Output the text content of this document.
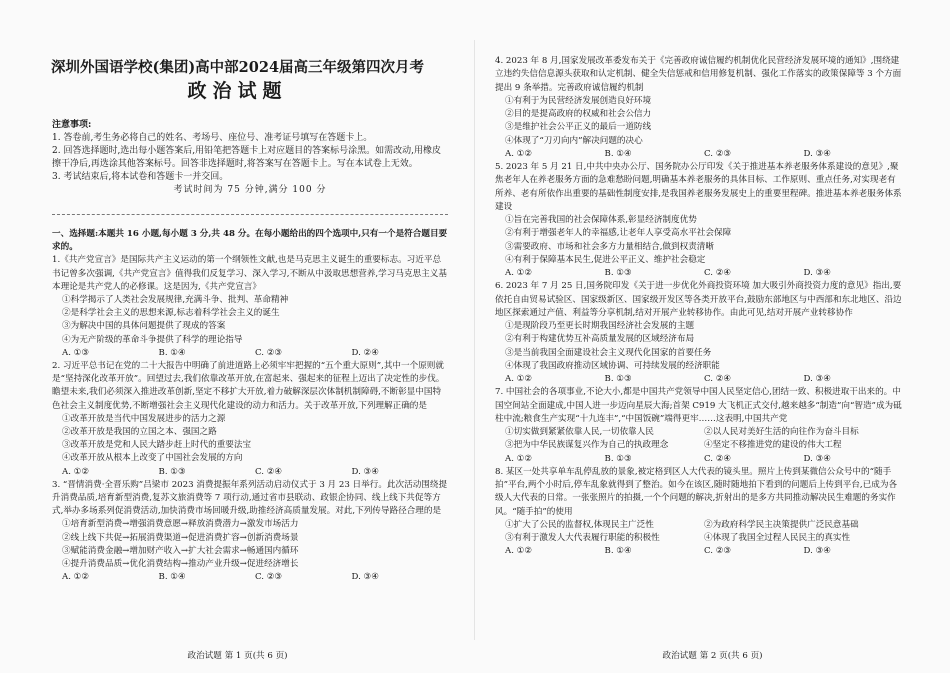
深圳外国语学校(集团)高中部2024届高三年级第四次月考
政治试题
注意事项:
1. 答卷前,考生务必将自己的姓名、考场号、座位号、准考证号填写在答题卡上。
2. 回答选择题时,选出每小题答案后,用铅笔把答题卡上对应题目的答案标号涂黑。如需改动,用橡皮擦干净后,再选涂其他答案标号。回答非选择题时,将答案写在答题卡上。写在本试卷上无效。
3. 考试结束后,将本试卷和答题卡一并交回。
考试时间为 75 分钟,满分 100 分
一、选择题:本题共 16 小题,每小题 3 分,共 48 分。在每小题给出的四个选项中,只有一个是符合题目要求的。

1.《共产党宣言》是国际共产主义运动的第一个纲领性文献,也是马克思主义诞生的重要标志。习近平总书记曾多次强调,《共产党宣言》值得我们反复学习、深入学习,不断从中汲取思想营养,学习马克思主义基本理论是共产党人的必修课。这是因为,《共产党宣言》

①科学揭示了人类社会发展规律,充满斗争、批判、革命精神

②是科学社会主义的思想来源,标志着科学社会主义的诞生

③为解决中国的具体问题提供了现成的答案

④为无产阶级的革命斗争提供了科学的理论指导

A. ①③	B. ①④	C. ②③	D. ②④

2. 习近平总书记在党的二十大报告中明确了前进道路上必须牢牢把握的“五个重大原则”,其中一个原则就是“坚持深化改革开放”。回望过去,我们依靠改革开放,在富起来、强起来的征程上迈出了决定性的步伐。瞻望未来,我们必须深入推进改革创新,坚定不移扩大开放,着力破解深层次体制机制障碍,不断彰显中国特色社会主义制度优势,不断增强社会主义现代化建设的动力和活力。关于改革开放,下列理解正确的是

①改革开放是当代中国发展进步的活力之源

②改革开放是我国的立国之本、强国之路

③改革开放是党和人民大踏步赶上时代的重要法宝

④改革开放从根本上改变了中国社会发展的方向

A. ①②	B. ①③	C. ②④	D. ③④

3. “晋情消费·全晋乐购”吕梁市 2023 消费提振年系列活动启动仪式于 3 月 23 日举行。此次活动围绕提升消费品质,培育新型消费,复苏文旅消费等 7 项行动,通过省市县联动、政银企协同、线上线下共促等方式,举办多场系列促消费活动,加快消费市场回暖升级,助推经济高质量发展。对此,下列传导路径合理的是

①培育新型消费→增强消费意愿→释放消费潜力→激发市场活力

②线上线下共促→拓展消费渠道→促进消费扩容→创新消费场景

③赋能消费金融→增加财产收入→扩大社会需求→畅通国内循环

④提升消费品质→优化消费结构→推动产业升级→促进经济增长

A. ①②	B. ①④	C. ②③	D. ③④
政治试题 第 1 页(共 6 页)

4. 2023 年 8 月,国家发展改革委发布关于《完善政府诚信履约机制优化民营经济发展环境的通知》,围绕建立违约失信信息源头获取和认定机制、健全失信惩戒和信用修复机制、强化工作落实的政策保障等 3 个方面提出 9 条举措。完善政府诚信履约机制

①有利于为民营经济发展创造良好环境

②目的是提高政府的权威和社会公信力

③是维护社会公平正义的最后一道防线

④体现了“刀刃向内”解决问题的决心

A. ①②	B. ①④	C. ②③	D. ③④

5. 2023 年 5 月 21 日,中共中央办公厅、国务院办公厅印发《关于推进基本养老服务体系建设的意见》,聚焦老年人在养老服务方面的急难愁盼问题,明确基本养老服务的具体目标、工作原则、重点任务,对实现老有所养、老有所依作出重要的基础性制度安排,是我国养老服务发展史上的重要里程碑。推进基本养老服务体系建设

①旨在完善我国的社会保障体系,彰显经济制度优势

②有利于增强老年人的幸福感,让老年人享受高水平社会保障

③需要政府、市场和社会多方力量相结合,做到权责清晰

④有利于保障基本民生,促进公平正义、维护社会稳定

A. ①②	B. ①③	C. ②④	D. ③④

6. 2023 年 7 月 25 日,国务院印发《关于进一步优化外商投资环境 加大吸引外商投资力度的意见》指出,要依托自由贸易试验区、国家级新区、国家级开发区等各类开放平台,鼓励东部地区与中西部和东北地区、沿边地区探索通过产值、利益等分享机制,结对开展产业转移协作。由此可见,结对开展产业转移协作

①是现阶段乃至更长时期我国经济社会发展的主题

②有利于构建优势互补高质量发展的区域经济布局

③是当前我国全面建设社会主义现代化国家的首要任务

④体现了我国政府推动区域协调、可持续发展的经济职能

A. ①②	B. ①③	C. ②④	D. ③④

7. 中国社会的各项事业,不论大小,都是中国共产党领导中国人民坚定信心,团结一致、积极进取干出来的。中国空间站全面建成,中国人进一步迈向星辰大海;首架 C919 大飞机正式交付,越来越多“制造”向“智造”成为砥柱中流;粮食生产实现“十九连丰”,“中国饭碗”端得更牢……这表明,中国共产党

①切实做到紧紧依靠人民,一切依靠人民	②以人民对美好生活的向往作为奋斗目标
③把为中华民族谋复兴作为自己的执政理念	④坚定不移推进党的建设的伟大工程
A. ①②	B. ①③	C. ②④	D. ③④

8. 某区一处共享单车乱停乱放的景象,被定格到区人大代表的镜头里。照片上传到某微信公众号中的“随手拍”平台,两个小时后,停车乱象就得到了整治。如今在该区,随时随地拍下看到的问题后上传到平台,已成为各级人大代表的日常。一张张照片的拍摄,一个个问题的解决,折射出的是多方共同推动解决民生难题的务实作风。“随手拍”的使用

①扩大了公民的监督权,体现民主广泛性	②为政府科学民主决策提供广泛民意基础
③有利于激发人大代表履行职能的积极性	④体现了我国全过程人民民主的真实性
A. ①②	B. ①④	C. ②③	D. ③④
政治试题 第 2 页(共 6 页)
